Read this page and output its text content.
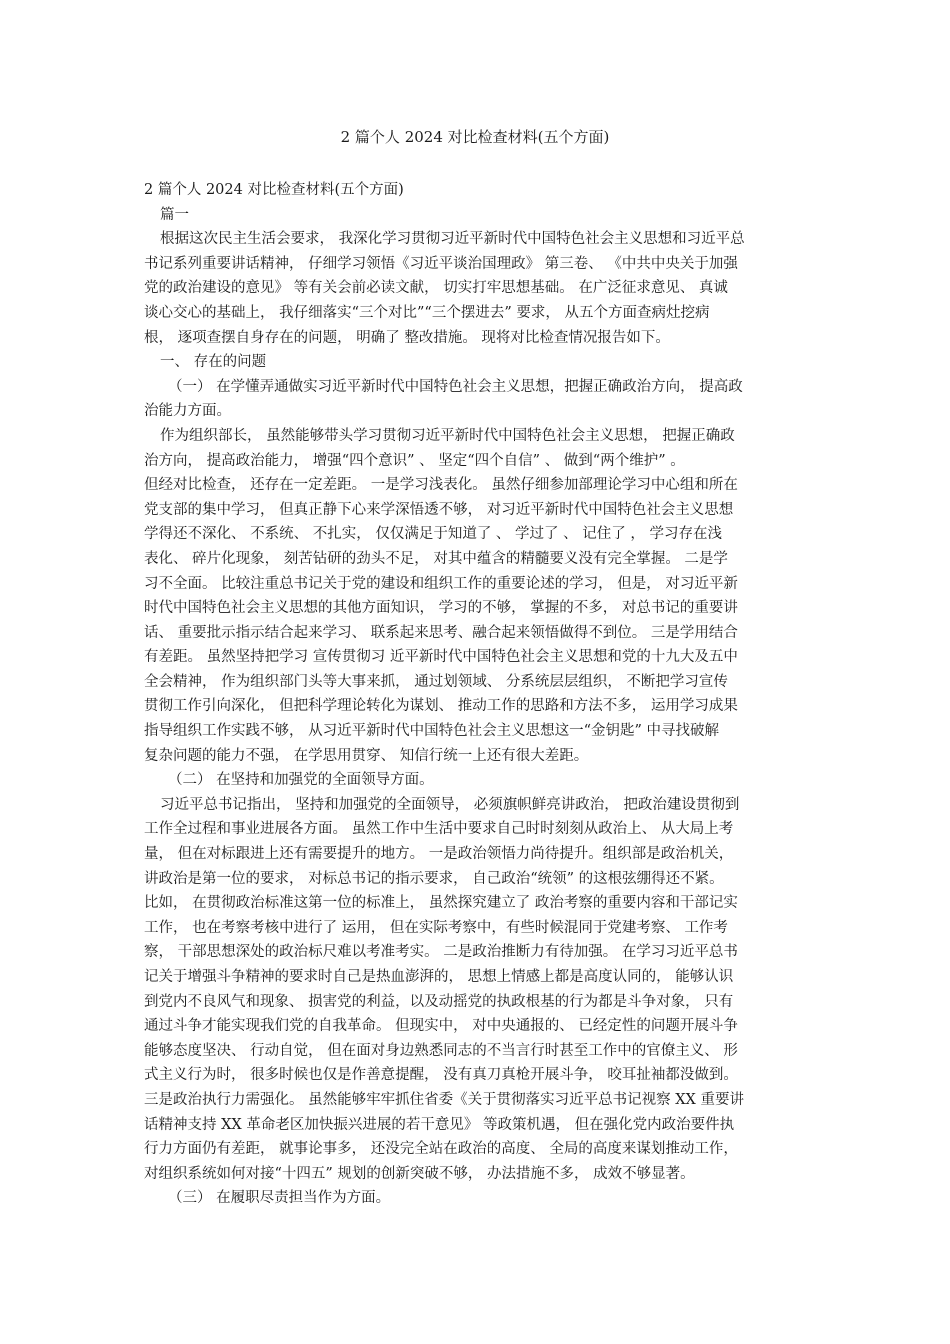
2 篇个人 2024 对比检查材料(五个方面)

2 篇个人 2024 对比检查材料(五个方面)

篇一

根据这次民主生活会要求， 我深化学习贯彻习近平新时代中国特色社会主义思想和习近平总

书记系列重要讲话精神， 仔细学习领悟《习近平谈治国理政》 第三卷、 《中共中央关于加强

党的政治建设的意见》 等有关会前必读文献， 切实打牢思想基础。 在广泛征求意见、 真诚

谈心交心的基础上， 我仔细落实“三个对比”“三个摆进去” 要求， 从五个方面查病灶挖病

根， 逐项查摆自身存在的问题， 明确了 整改措施。 现将对比检查情况报告如下。

一、 存在的问题

（一） 在学懂弄通做实习近平新时代中国特色社会主义思想，把握正确政治方向， 提高政

治能力方面。

作为组织部长， 虽然能够带头学习贯彻习近平新时代中国特色社会主义思想， 把握正确政

治方向， 提高政治能力， 增强“四个意识” 、 坚定“四个自信” 、 做到“两个维护” 。

但经对比检查， 还存在一定差距。 一是学习浅表化。 虽然仔细参加部理论学习中心组和所在

党支部的集中学习， 但真正静下心来学深悟透不够， 对习近平新时代中国特色社会主义思想

学得还不深化、 不系统、 不扎实， 仅仅满足于知道了 、 学过了 、 记住了 ， 学习存在浅

表化、 碎片化现象， 刻苦钻研的劲头不足， 对其中蕴含的精髓要义没有完全掌握。 二是学

习不全面。 比较注重总书记关于党的建设和组织工作的重要论述的学习， 但是， 对习近平新

时代中国特色社会主义思想的其他方面知识， 学习的不够， 掌握的不多， 对总书记的重要讲

话、 重要批示指示结合起来学习、 联系起来思考、融合起来领悟做得不到位。 三是学用结合

有差距。 虽然坚持把学习 宣传贯彻习 近平新时代中国特色社会主义思想和党的十九大及五中

全会精神， 作为组织部门头等大事来抓， 通过划领域、 分系统层层组织， 不断把学习宣传

贯彻工作引向深化， 但把科学理论转化为谋划、 推动工作的思路和方法不多， 运用学习成果

指导组织工作实践不够， 从习近平新时代中国特色社会主义思想这一“金钥匙” 中寻找破解

复杂问题的能力不强， 在学思用贯穿、 知信行统一上还有很大差距。

（二） 在坚持和加强党的全面领导方面。

习近平总书记指出， 坚持和加强党的全面领导， 必须旗帜鲜亮讲政治， 把政治建设贯彻到

工作全过程和事业进展各方面。 虽然工作中生活中要求自己时时刻刻从政治上、 从大局上考

量， 但在对标跟进上还有需要提升的地方。 一是政治领悟力尚待提升。组织部是政治机关，

讲政治是第一位的要求， 对标总书记的指示要求， 自己政治“统领” 的这根弦绷得还不紧。

比如， 在贯彻政治标准这第一位的标准上， 虽然探究建立了 政治考察的重要内容和干部记实

工作， 也在考察考核中进行了 运用， 但在实际考察中，有些时候混同于党建考察、 工作考

察， 干部思想深处的政治标尺难以考准考实。 二是政治推断力有待加强。 在学习习近平总书

记关于增强斗争精神的要求时自己是热血澎湃的， 思想上情感上都是高度认同的， 能够认识

到党内不良风气和现象、 损害党的利益，以及动摇党的执政根基的行为都是斗争对象， 只有

通过斗争才能实现我们党的自我革命。 但现实中， 对中央通报的、 已经定性的问题开展斗争

能够态度坚决、 行动自觉， 但在面对身边熟悉同志的不当言行时甚至工作中的官僚主义、 形

式主义行为时， 很多时候也仅是作善意提醒， 没有真刀真枪开展斗争， 咬耳扯袖都没做到。

三是政治执行力需强化。 虽然能够牢牢抓住省委《关于贯彻落实习近平总书记视察 XX 重要讲

话精神支持 XX 革命老区加快振兴进展的若干意见》 等政策机遇， 但在强化党内政治要件执

行力方面仍有差距， 就事论事多， 还没完全站在政治的高度、 全局的高度来谋划推动工作，

对组织系统如何对接“十四五” 规划的创新突破不够， 办法措施不多， 成效不够显著。

（三） 在履职尽责担当作为方面。
